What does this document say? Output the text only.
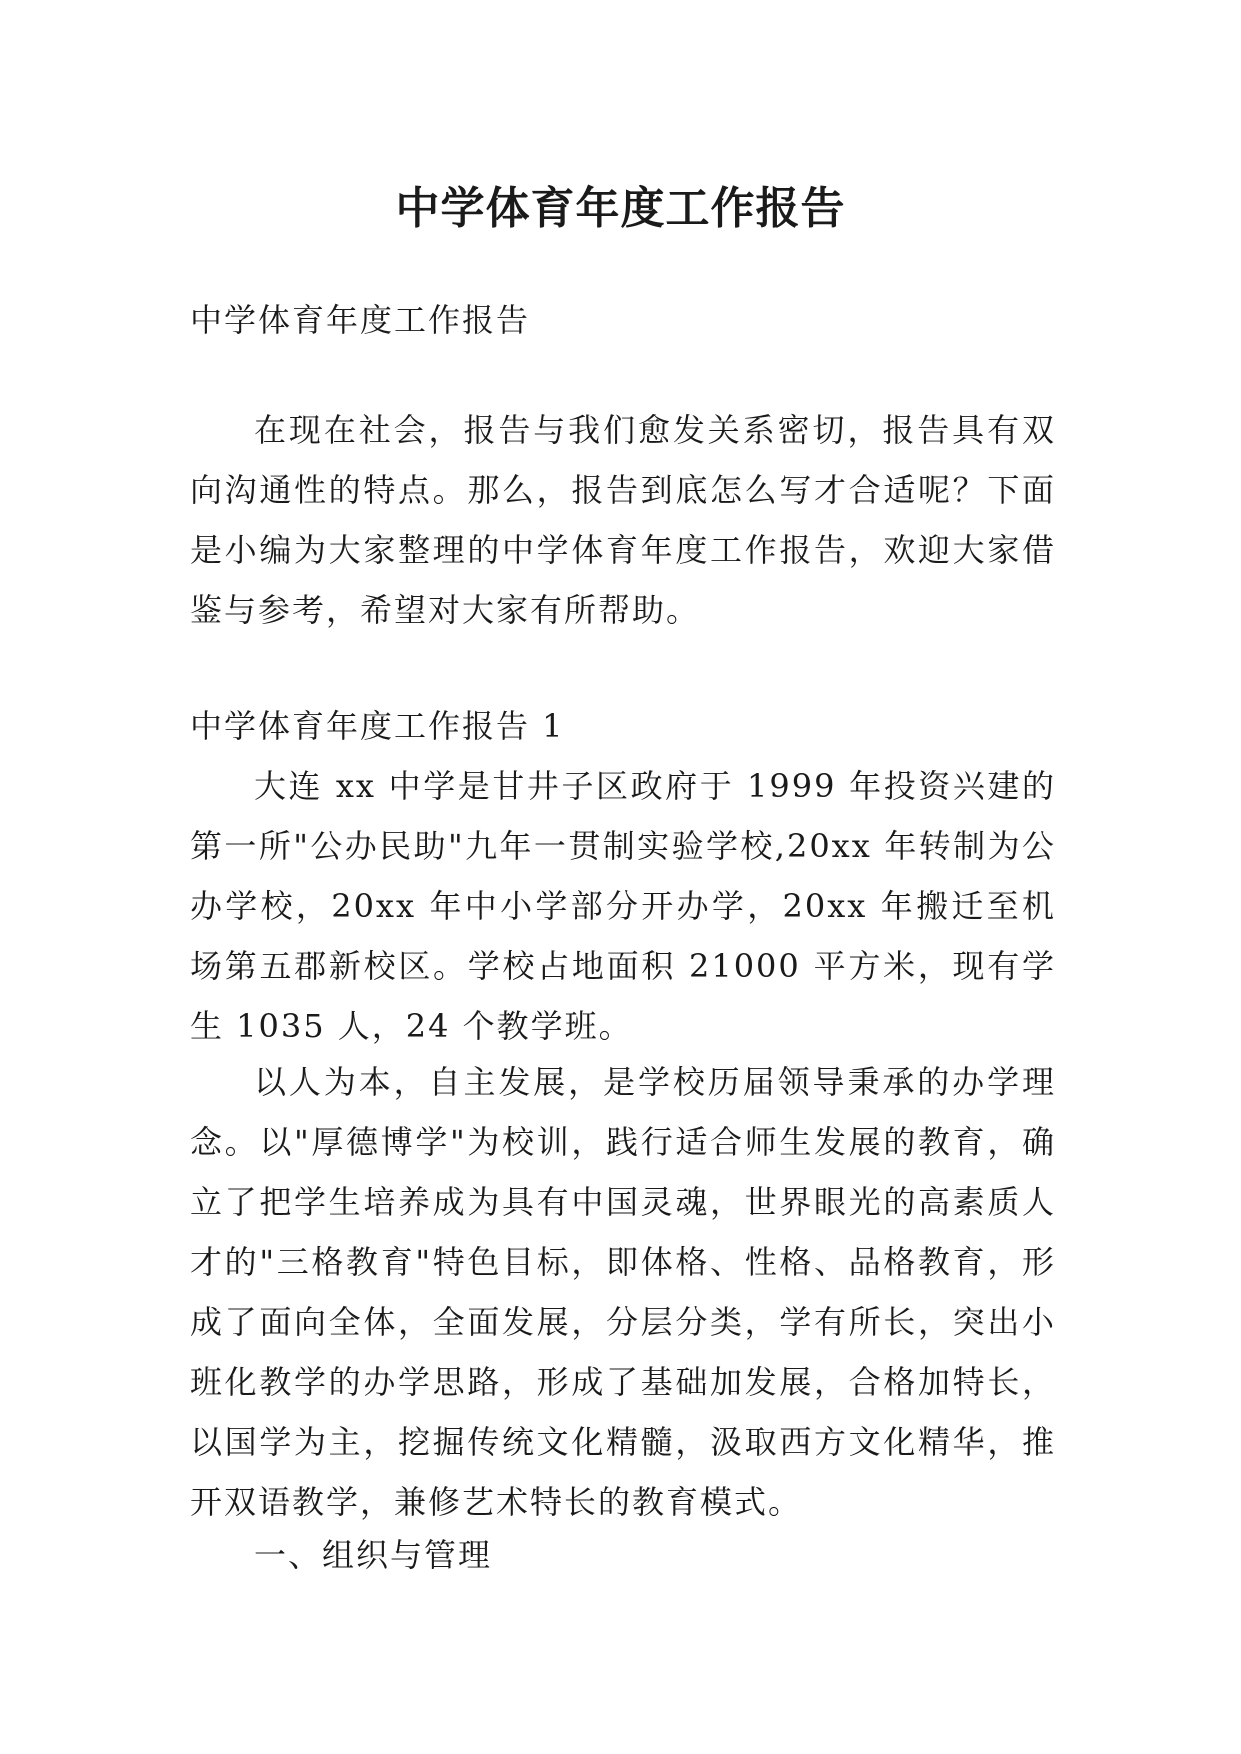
中学体育年度工作报告

中学体育年度工作报告

在现在社会，报告与我们愈发关系密切，报告具有双向沟通性的特点。那么，报告到底怎么写才合适呢？下面是小编为大家整理的中学体育年度工作报告，欢迎大家借鉴与参考，希望对大家有所帮助。

中学体育年度工作报告 1

大连 xx 中学是甘井子区政府于 1999 年投资兴建的第一所"公办民助"九年一贯制实验学校,20xx 年转制为公办学校，20xx 年中小学部分开办学，20xx 年搬迁至机场第五郡新校区。学校占地面积 21000 平方米，现有学生 1035 人，24 个教学班。

以人为本，自主发展，是学校历届领导秉承的办学理念。以"厚德博学"为校训，践行适合师生发展的教育，确立了把学生培养成为具有中国灵魂，世界眼光的高素质人才的"三格教育"特色目标，即体格、性格、品格教育，形成了面向全体，全面发展，分层分类，学有所长，突出小班化教学的办学思路，形成了基础加发展，合格加特长，以国学为主，挖掘传统文化精髓，汲取西方文化精华，推开双语教学，兼修艺术特长的教育模式。

一、组织与管理
